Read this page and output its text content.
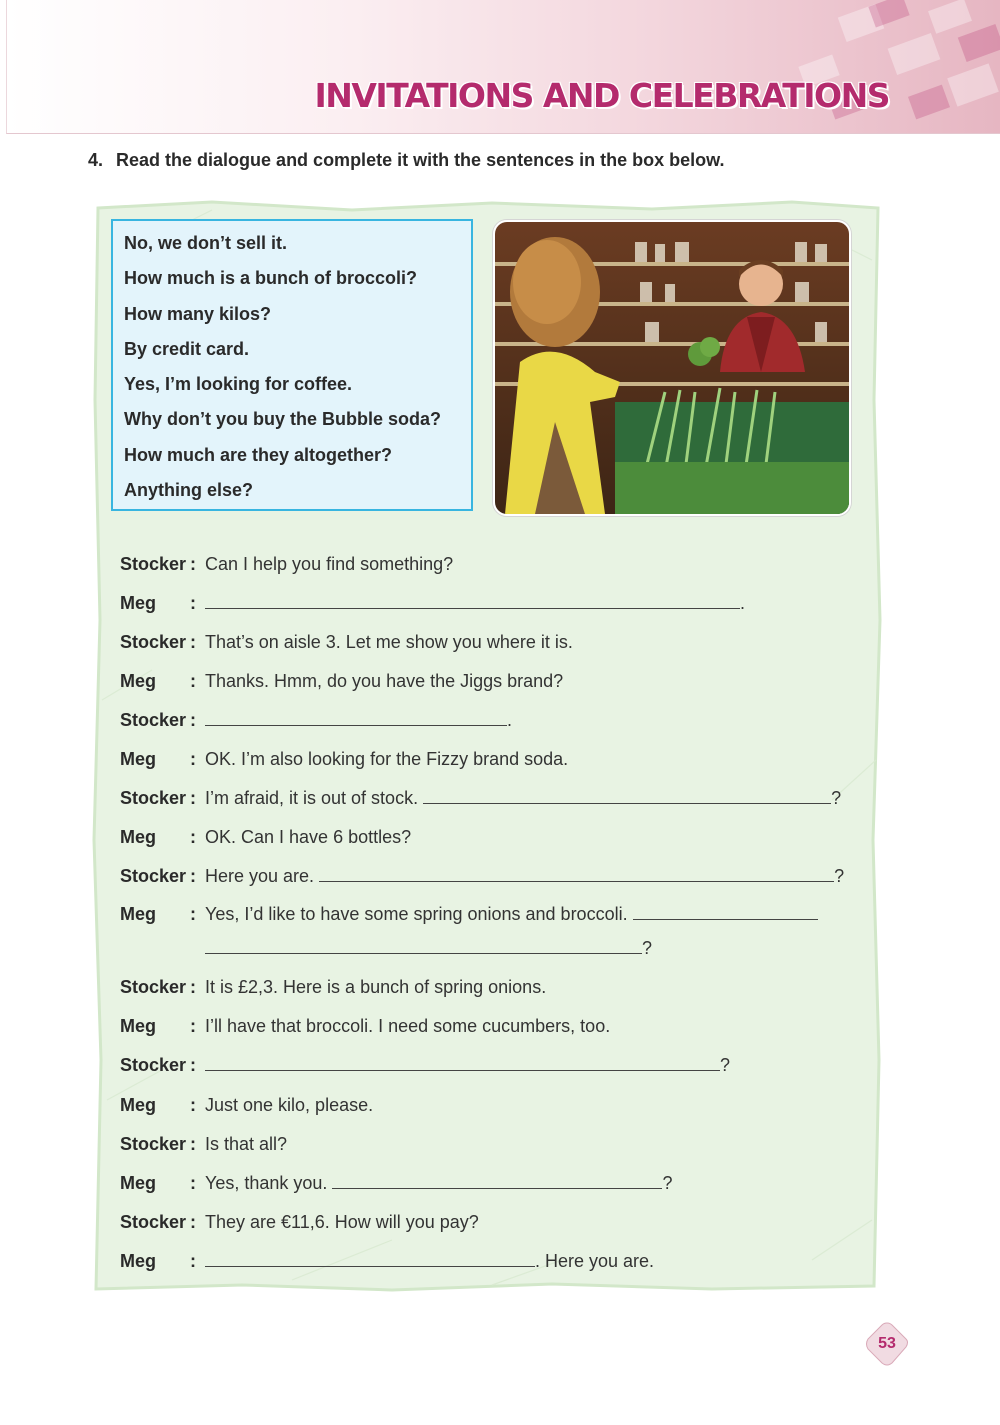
INVITATIONS AND CELEBRATIONS
4. Read the dialogue and complete it with the sentences in the box below.
No, we don’t sell it.
How much is a bunch of broccoli?
How many kilos?
By credit card.
Yes, I’m looking for coffee.
Why don’t you buy the Bubble soda?
How much are they altogether?
Anything else?
Stocker : Can I help you find something?
Meg :	.
Stocker : That’s on aisle 3. Let me show you where it is.
Meg : Thanks. Hmm, do you have the Jiggs brand?
Stocker :	.
Meg : OK. I’m also looking for the Fizzy brand soda.
Stocker : I’m afraid, it is out of stock.	?
Meg : OK. Can I have 6 bottles?
Stocker : Here you are.	?
Meg : Yes, I’d like to have some spring onions and broccoli.
?
Stocker : It is £2,3. Here is a bunch of spring onions.
Meg : I’ll have that broccoli. I need some cucumbers, too.
Stocker :	?
Meg : Just one kilo, please.
Stocker : Is that all?
Meg : Yes, thank you.	?
Stocker : They are €11,6. How will you pay?
Meg :	. Here you are.
53
